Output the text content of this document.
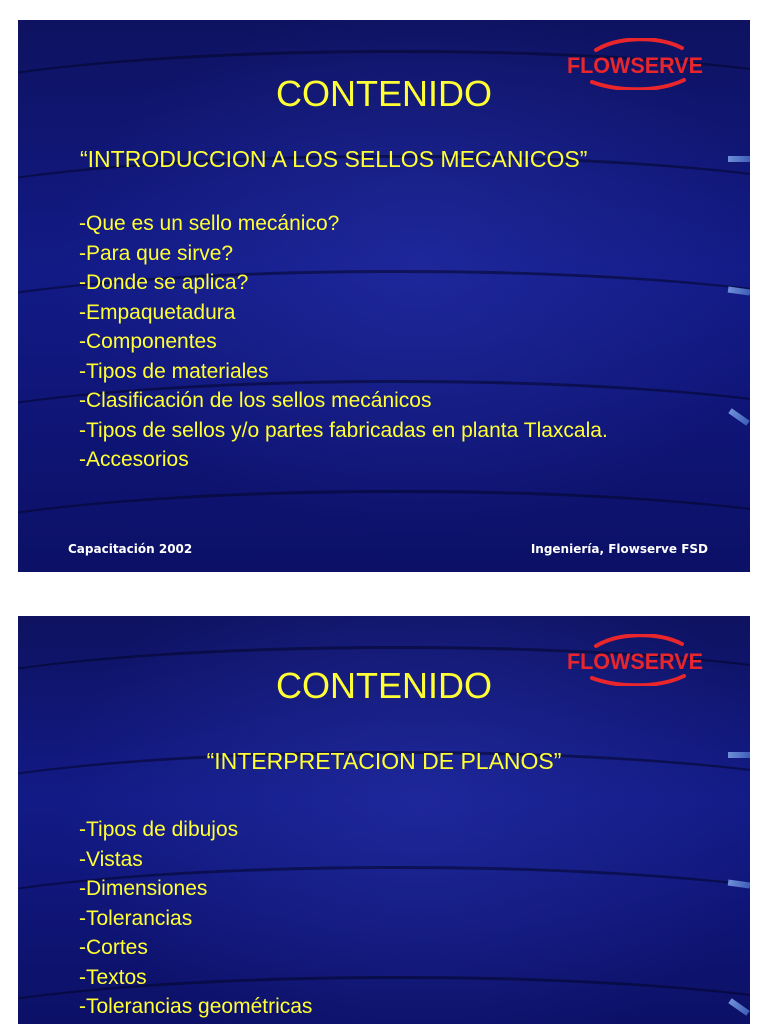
FLOWSERVE
CONTENIDO
“INTRODUCCION A LOS SELLOS MECANICOS”
-Que es un sello mecánico?
-Para que sirve?
-Donde se aplica?
-Empaquetadura
-Componentes
-Tipos de materiales
-Clasificación de los sellos mecánicos
-Tipos de sellos y/o partes fabricadas en planta Tlaxcala.
-Accesorios
Capacitación 2002	Ingeniería, Flowserve FSD
FLOWSERVE
CONTENIDO
“INTERPRETACION DE PLANOS”
-Tipos de dibujos
-Vistas
-Dimensiones
-Tolerancias
-Cortes
-Textos
-Tolerancias geométricas
